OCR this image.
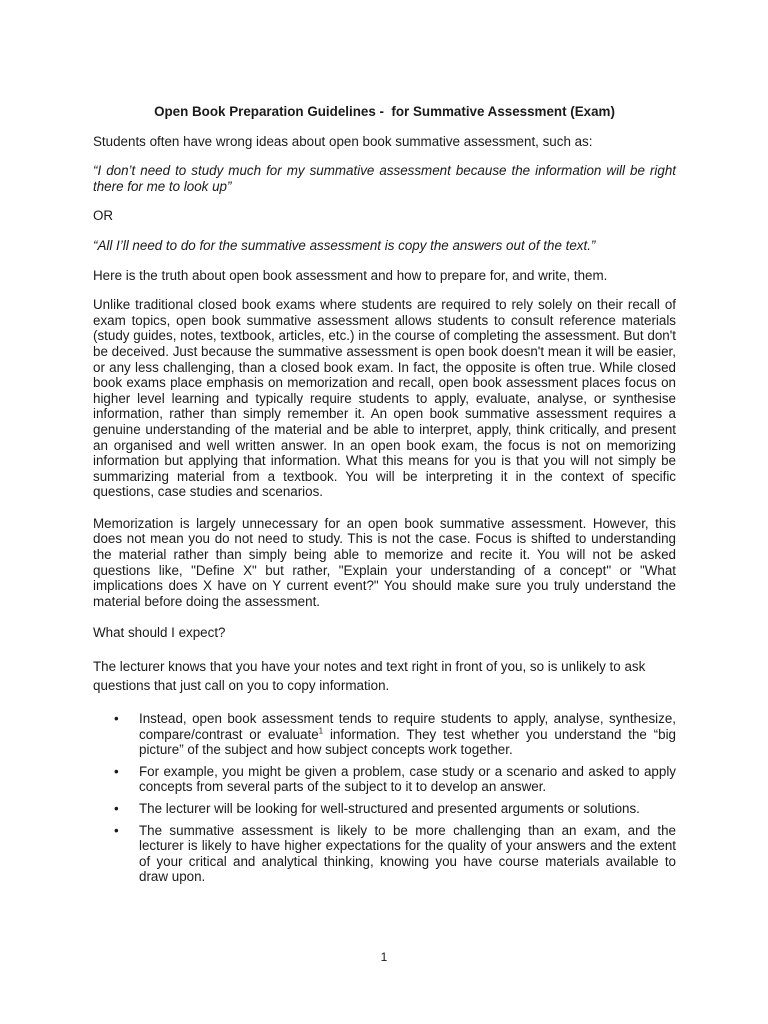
Open Book Preparation Guidelines -  for Summative Assessment (Exam)

Students often have wrong ideas about open book summative assessment, such as:

“I don’t need to study much for my summative assessment because the information will be right there for me to look up”

OR

“All I’ll need to do for the summative assessment is copy the answers out of the text.”

Here is the truth about open book assessment and how to prepare for, and write, them.

Unlike traditional closed book exams where students are required to rely solely on their recall of exam topics, open book summative assessment allows students to consult reference materials (study guides, notes, textbook, articles, etc.) in the course of completing the assessment. But don't be deceived. Just because the summative assessment is open book doesn't mean it will be easier, or any less challenging, than a closed book exam. In fact, the opposite is often true. While closed book exams place emphasis on memorization and recall, open book assessment places focus on higher level learning and typically require students to apply, evaluate, analyse, or synthesise information, rather than simply remember it. An open book summative assessment requires a genuine understanding of the material and be able to interpret, apply, think critically, and present an organised and well written answer. In an open book exam, the focus is not on memorizing information but applying that information. What this means for you is that you will not simply be summarizing material from a textbook. You will be interpreting it in the context of specific questions, case studies and scenarios.

Memorization is largely unnecessary for an open book summative assessment. However, this does not mean you do not need to study. This is not the case. Focus is shifted to understanding the material rather than simply being able to memorize and recite it. You will not be asked questions like, "Define X" but rather, "Explain your understanding of a concept" or "What implications does X have on Y current event?" You should make sure you truly understand the material before doing the assessment.

What should I expect?

The lecturer knows that you have your notes and text right in front of you, so is unlikely to ask
questions that just call on you to copy information.

• Instead, open book assessment tends to require students to apply, analyse, synthesize, compare/contrast or evaluate$^1$ information. They test whether you understand the “big picture” of the subject and how subject concepts work together.
• For example, you might be given a problem, case study or a scenario and asked to apply concepts from several parts of the subject to it to develop an answer.
• The lecturer will be looking for well-structured and presented arguments or solutions.
• The summative assessment is likely to be more challenging than an exam, and the lecturer is likely to have higher expectations for the quality of your answers and the extent of your critical and analytical thinking, knowing you have course materials available to draw upon.
1
